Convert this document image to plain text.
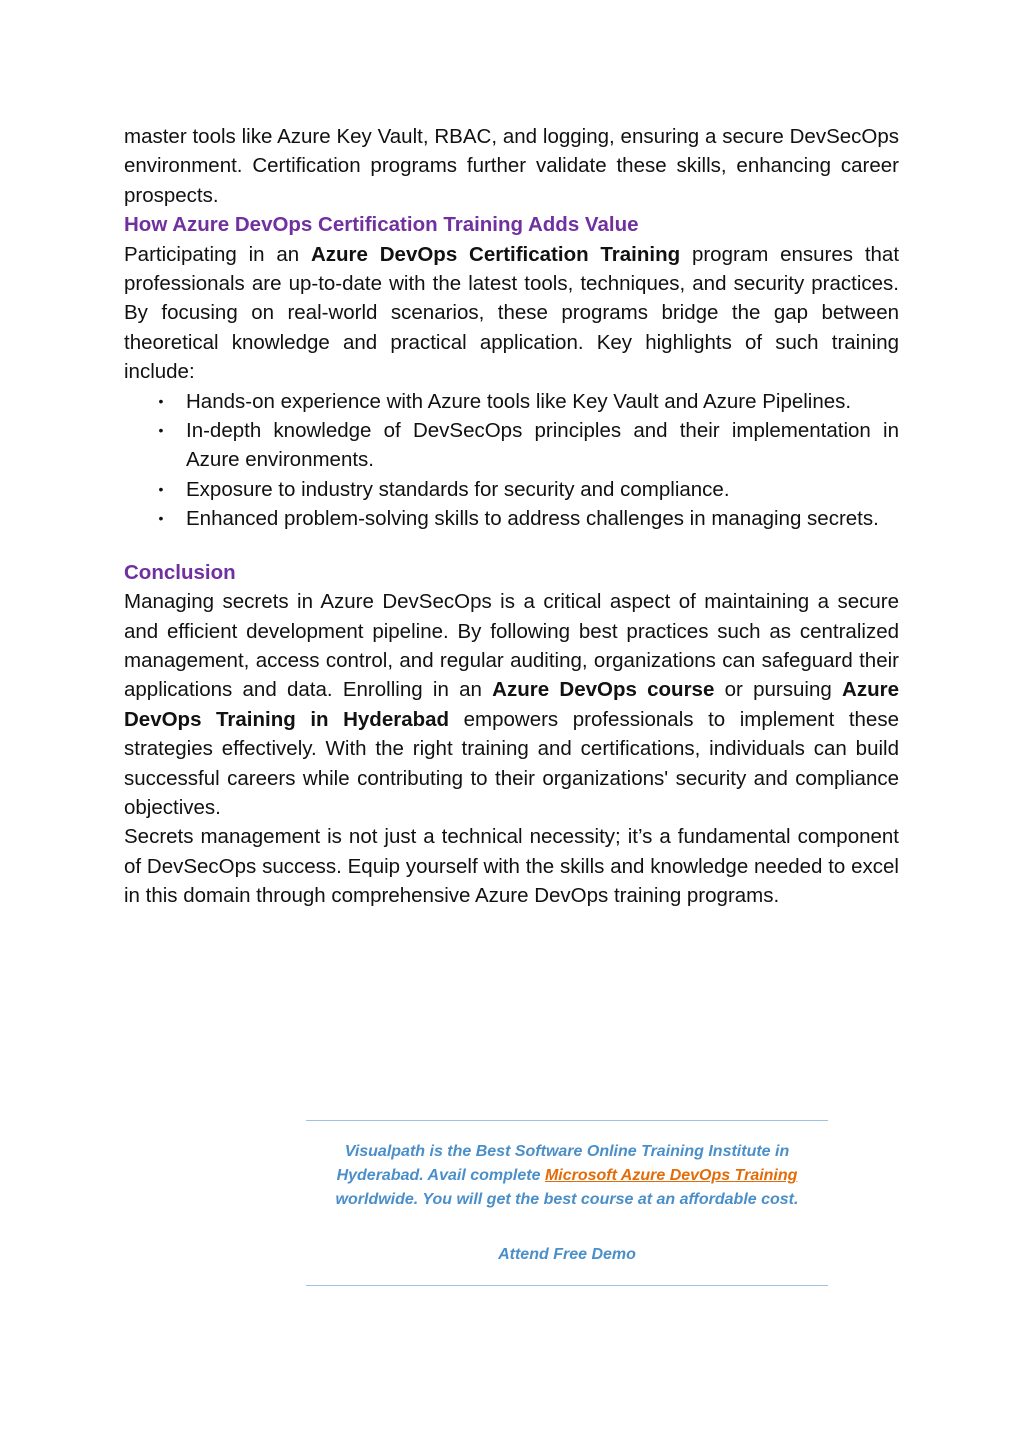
master tools like Azure Key Vault, RBAC, and logging, ensuring a secure DevSecOps environment. Certification programs further validate these skills, enhancing career prospects.

How Azure DevOps Certification Training Adds Value

Participating in an Azure DevOps Certification Training program ensures that professionals are up-to-date with the latest tools, techniques, and security practices. By focusing on real-world scenarios, these programs bridge the gap between theoretical knowledge and practical application. Key highlights of such training include:

• Hands-on experience with Azure tools like Key Vault and Azure Pipelines.
• In-depth knowledge of DevSecOps principles and their implementation in Azure environments.
• Exposure to industry standards for security and compliance.
• Enhanced problem-solving skills to address challenges in managing secrets.
Conclusion

Managing secrets in Azure DevSecOps is a critical aspect of maintaining a secure and efficient development pipeline. By following best practices such as centralized management, access control, and regular auditing, organizations can safeguard their applications and data. Enrolling in an Azure DevOps course or pursuing Azure DevOps Training in Hyderabad empowers professionals to implement these strategies effectively. With the right training and certifications, individuals can build successful careers while contributing to their organizations' security and compliance objectives.

Secrets management is not just a technical necessity; it’s a fundamental component of DevSecOps success. Equip yourself with the skills and knowledge needed to excel in this domain through comprehensive Azure DevOps training programs.

Visualpath is the Best Software Online Training Institute in Hyderabad. Avail complete Microsoft Azure DevOps Training worldwide. You will get the best course at an affordable cost.
Attend Free Demo
